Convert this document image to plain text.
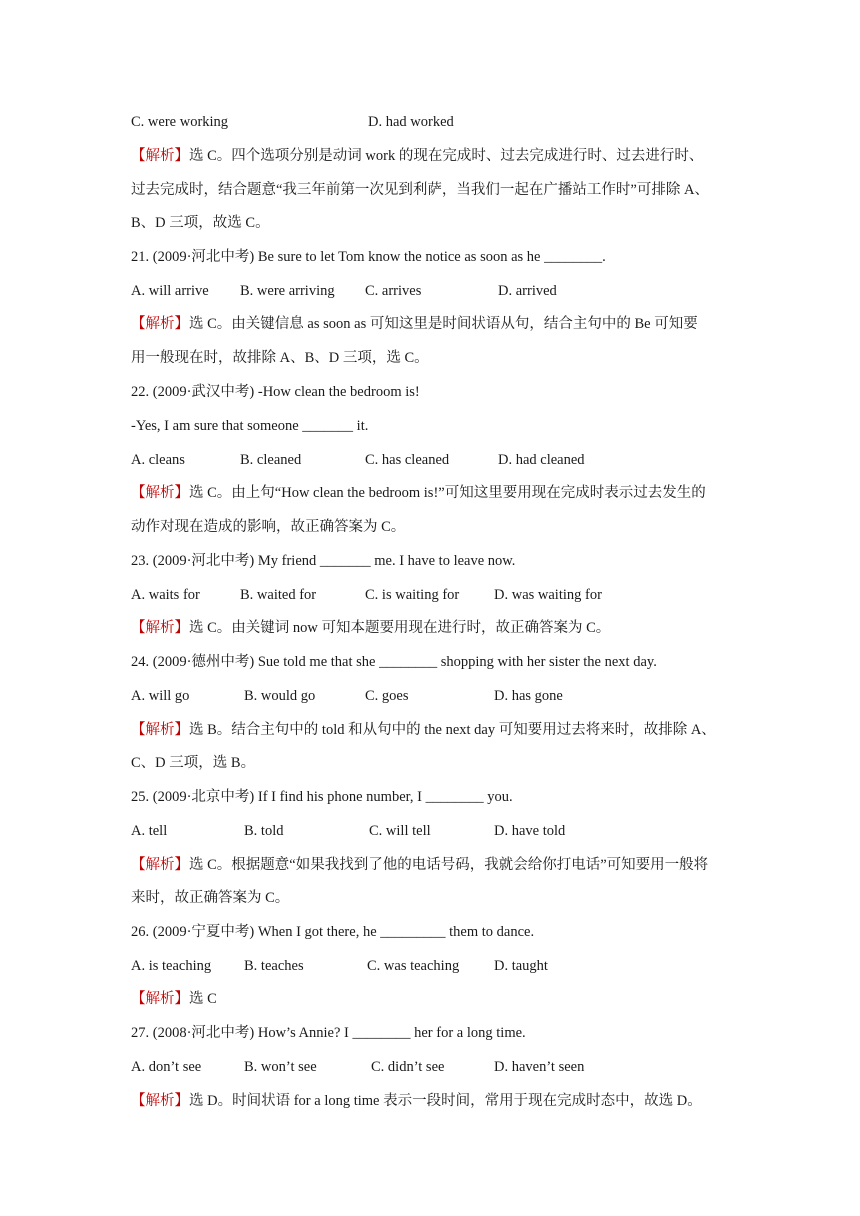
C. were working	D. had worked
【解析】选 C。四个选项分别是动词 work 的现在完成时、过去完成进行时、过去进行时、
过去完成时，结合题意“我三年前第一次见到利萨，当我们一起在广播站工作时”可排除 A、
B、D 三项，故选 C。
21. (2009·河北中考) Be sure to let Tom know the notice as soon as he ________.
A. will arrive B. were arriving C. arrives	D. arrived
【解析】选 C。由关键信息 as soon as 可知这里是时间状语从句，结合主句中的 Be 可知要
用一般现在时，故排除 A、B、D 三项，选 C。
22. (2009·武汉中考) -How clean the bedroom is!
-Yes, I am sure that someone _______ it.
A. cleans	B. cleaned	C. has cleaned	D. had cleaned
【解析】选 C。由上句“How clean the bedroom is!”可知这里要用现在完成时表示过去发生的
动作对现在造成的影响，故正确答案为 C。
23. (2009·河北中考) My friend _______ me. I have to leave now.
A. waits for	B. waited for	C. is waiting for D. was waiting for
【解析】选 C。由关键词 now 可知本题要用现在进行时，故正确答案为 C。
24. (2009·德州中考) Sue told me that she ________ shopping with her sister the next day.
A. will go	B. would go	C. goes	D. has gone
【解析】选 B。结合主句中的 told 和从句中的 the next day 可知要用过去将来时，故排除 A、
C、D 三项，选 B。
25. (2009·北京中考) If I find his phone number, I ________ you.
A. tell	B. told	C. will tell	D. have told
【解析】选 C。根据题意“如果我找到了他的电话号码，我就会给你打电话”可知要用一般将
来时，故正确答案为 C。
26. (2009·宁夏中考) When I got there, he _________ them to dance.
A. is teaching B. teaches	C. was teaching D. taught
【解析】选 C
27. (2008·河北中考) How’s Annie? I ________ her for a long time.
A. don’t see	B. won’t see	C. didn’t see	D. haven’t seen
【解析】选 D。时间状语 for a long time 表示一段时间，常用于现在完成时态中，故选 D。
